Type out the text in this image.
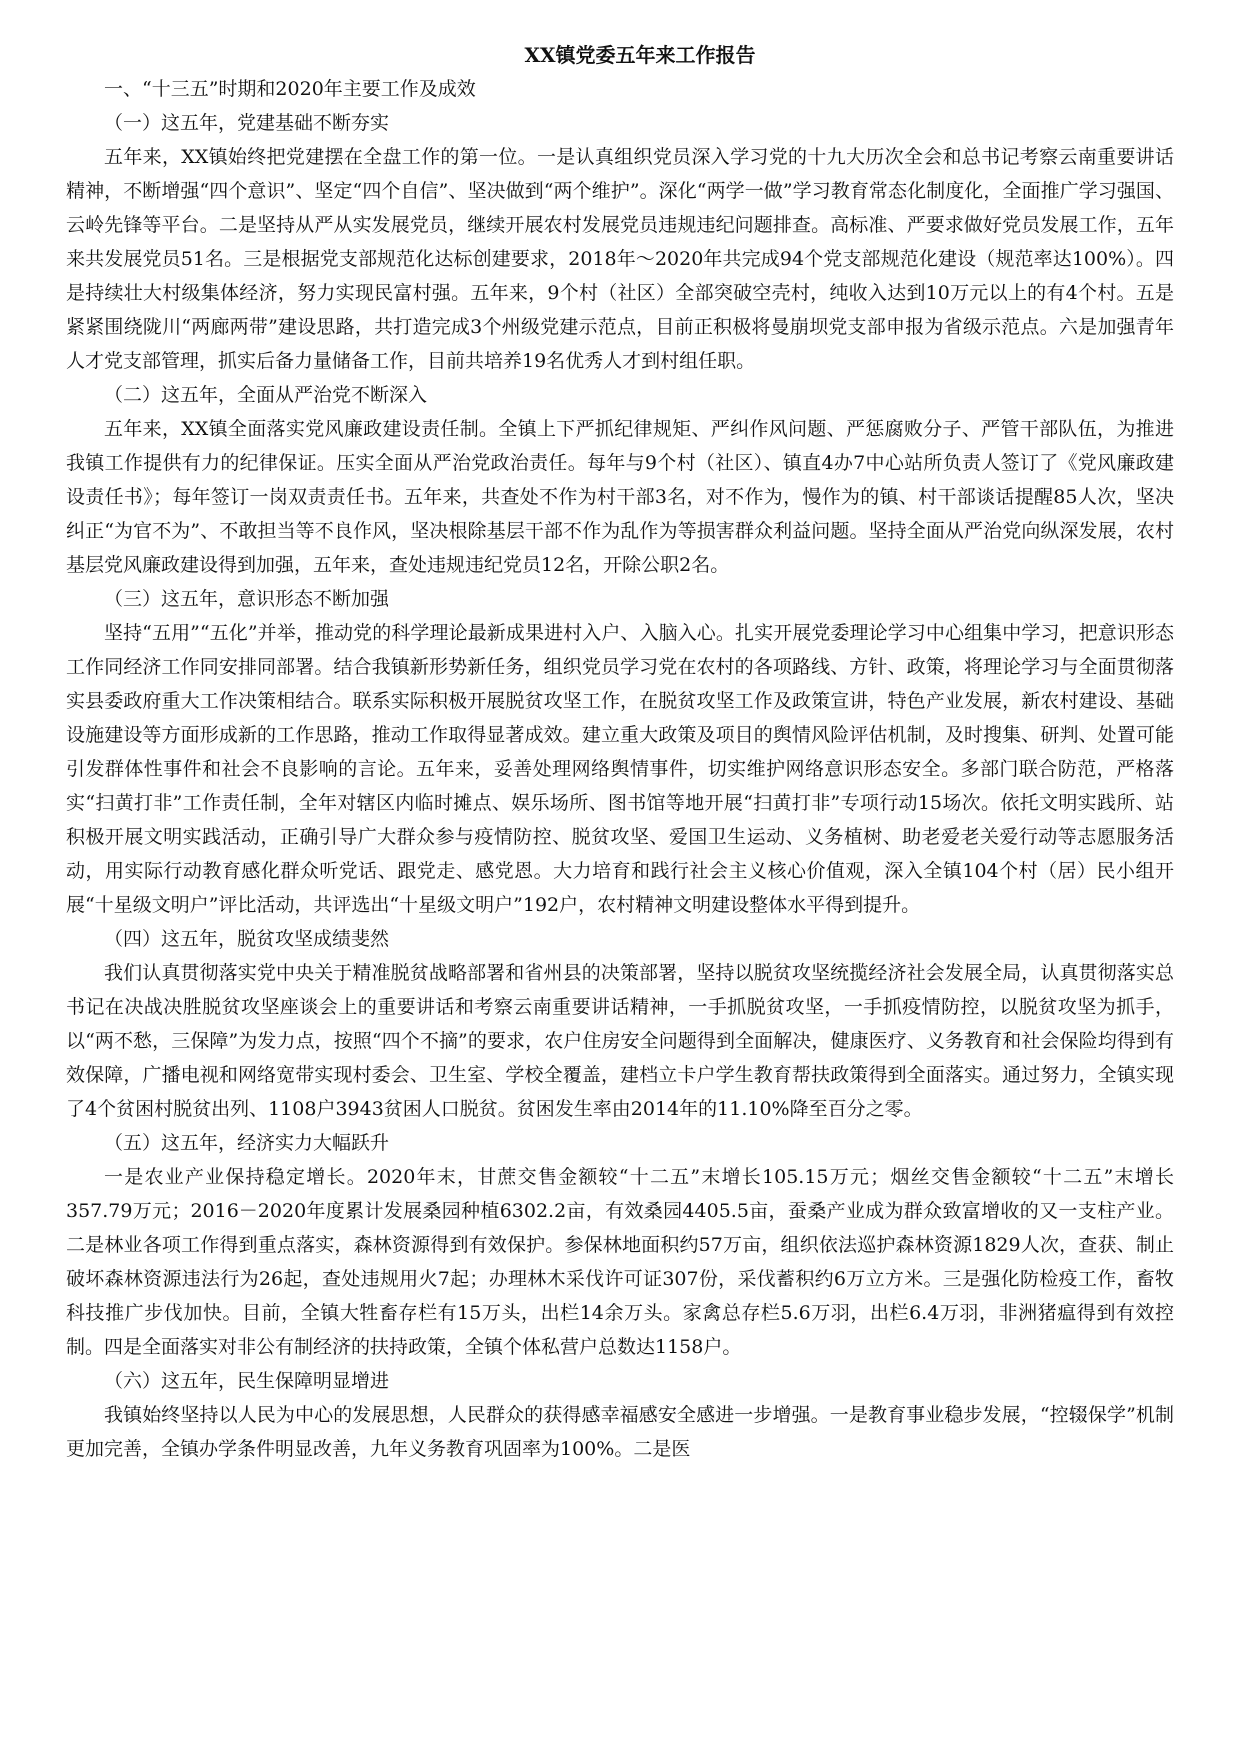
XX镇党委五年来工作报告

一、“十三五”时期和2020年主要工作及成效

（一）这五年，党建基础不断夯实

五年来，XX镇始终把党建摆在全盘工作的第一位。一是认真组织党员深入学习党的十九大历次全会和总书记考察云南重要讲话精神，不断增强“四个意识”、坚定“四个自信”、坚决做到“两个维护”。深化“两学一做”学习教育常态化制度化，全面推广学习强国、云岭先锋等平台。二是坚持从严从实发展党员，继续开展农村发展党员违规违纪问题排查。高标准、严要求做好党员发展工作，五年来共发展党员51名。三是根据党支部规范化达标创建要求，2018年～2020年共完成94个党支部规范化建设（规范率达100%）。四是持续壮大村级集体经济，努力实现民富村强。五年来，9个村（社区）全部突破空壳村，纯收入达到10万元以上的有4个村。五是紧紧围绕陇川“两廊两带”建设思路，共打造完成3个州级党建示范点，目前正积极将曼崩坝党支部申报为省级示范点。六是加强青年人才党支部管理，抓实后备力量储备工作，目前共培养19名优秀人才到村组任职。

（二）这五年，全面从严治党不断深入

五年来，XX镇全面落实党风廉政建设责任制。全镇上下严抓纪律规矩、严纠作风问题、严惩腐败分子、严管干部队伍，为推进我镇工作提供有力的纪律保证。压实全面从严治党政治责任。每年与9个村（社区）、镇直4办7中心站所负责人签订了《党风廉政建设责任书》；每年签订一岗双责责任书。五年来，共查处不作为村干部3名，对不作为，慢作为的镇、村干部谈话提醒85人次，坚决纠正“为官不为”、不敢担当等不良作风，坚决根除基层干部不作为乱作为等损害群众利益问题。坚持全面从严治党向纵深发展，农村基层党风廉政建设得到加强，五年来，查处违规违纪党员12名，开除公职2名。

（三）这五年，意识形态不断加强

坚持“五用”“五化”并举，推动党的科学理论最新成果进村入户、入脑入心。扎实开展党委理论学习中心组集中学习，把意识形态工作同经济工作同安排同部署。结合我镇新形势新任务，组织党员学习党在农村的各项路线、方针、政策，将理论学习与全面贯彻落实县委政府重大工作决策相结合。联系实际积极开展脱贫攻坚工作，在脱贫攻坚工作及政策宣讲，特色产业发展，新农村建设、基础设施建设等方面形成新的工作思路，推动工作取得显著成效。建立重大政策及项目的舆情风险评估机制，及时搜集、研判、处置可能引发群体性事件和社会不良影响的言论。五年来，妥善处理网络舆情事件，切实维护网络意识形态安全。多部门联合防范，严格落实“扫黄打非”工作责任制，全年对辖区内临时摊点、娱乐场所、图书馆等地开展“扫黄打非”专项行动15场次。依托文明实践所、站积极开展文明实践活动，正确引导广大群众参与疫情防控、脱贫攻坚、爱国卫生运动、义务植树、助老爱老关爱行动等志愿服务活动，用实际行动教育感化群众听党话、跟党走、感党恩。大力培育和践行社会主义核心价值观，深入全镇104个村（居）民小组开展“十星级文明户”评比活动，共评选出“十星级文明户”192户，农村精神文明建设整体水平得到提升。

（四）这五年，脱贫攻坚成绩斐然

我们认真贯彻落实党中央关于精准脱贫战略部署和省州县的决策部署，坚持以脱贫攻坚统揽经济社会发展全局，认真贯彻落实总书记在决战决胜脱贫攻坚座谈会上的重要讲话和考察云南重要讲话精神，一手抓脱贫攻坚，一手抓疫情防控，以脱贫攻坚为抓手，以“两不愁，三保障”为发力点，按照“四个不摘”的要求，农户住房安全问题得到全面解决，健康医疗、义务教育和社会保险均得到有效保障，广播电视和网络宽带实现村委会、卫生室、学校全覆盖，建档立卡户学生教育帮扶政策得到全面落实。通过努力，全镇实现了4个贫困村脱贫出列、1108户3943贫困人口脱贫。贫困发生率由2014年的11.10%降至百分之零。

（五）这五年，经济实力大幅跃升

一是农业产业保持稳定增长。2020年末，甘蔗交售金额较“十二五”末增长105.15万元；烟丝交售金额较“十二五”末增长357.79万元；2016－2020年度累计发展桑园种植6302.2亩，有效桑园4405.5亩，蚕桑产业成为群众致富增收的又一支柱产业。二是林业各项工作得到重点落实，森林资源得到有效保护。参保林地面积约57万亩，组织依法巡护森林资源1829人次，查获、制止破坏森林资源违法行为26起，查处违规用火7起；办理林木采伐许可证307份，采伐蓄积约6万立方米。三是强化防检疫工作，畜牧科技推广步伐加快。目前，全镇大牲畜存栏有15万头，出栏14余万头。家禽总存栏5.6万羽，出栏6.4万羽，非洲猪瘟得到有效控制。四是全面落实对非公有制经济的扶持政策，全镇个体私营户总数达1158户。

（六）这五年，民生保障明显增进

我镇始终坚持以人民为中心的发展思想，人民群众的获得感幸福感安全感进一步增强。一是教育事业稳步发展，“控辍保学”机制更加完善，全镇办学条件明显改善，九年义务教育巩固率为100%。二是医
